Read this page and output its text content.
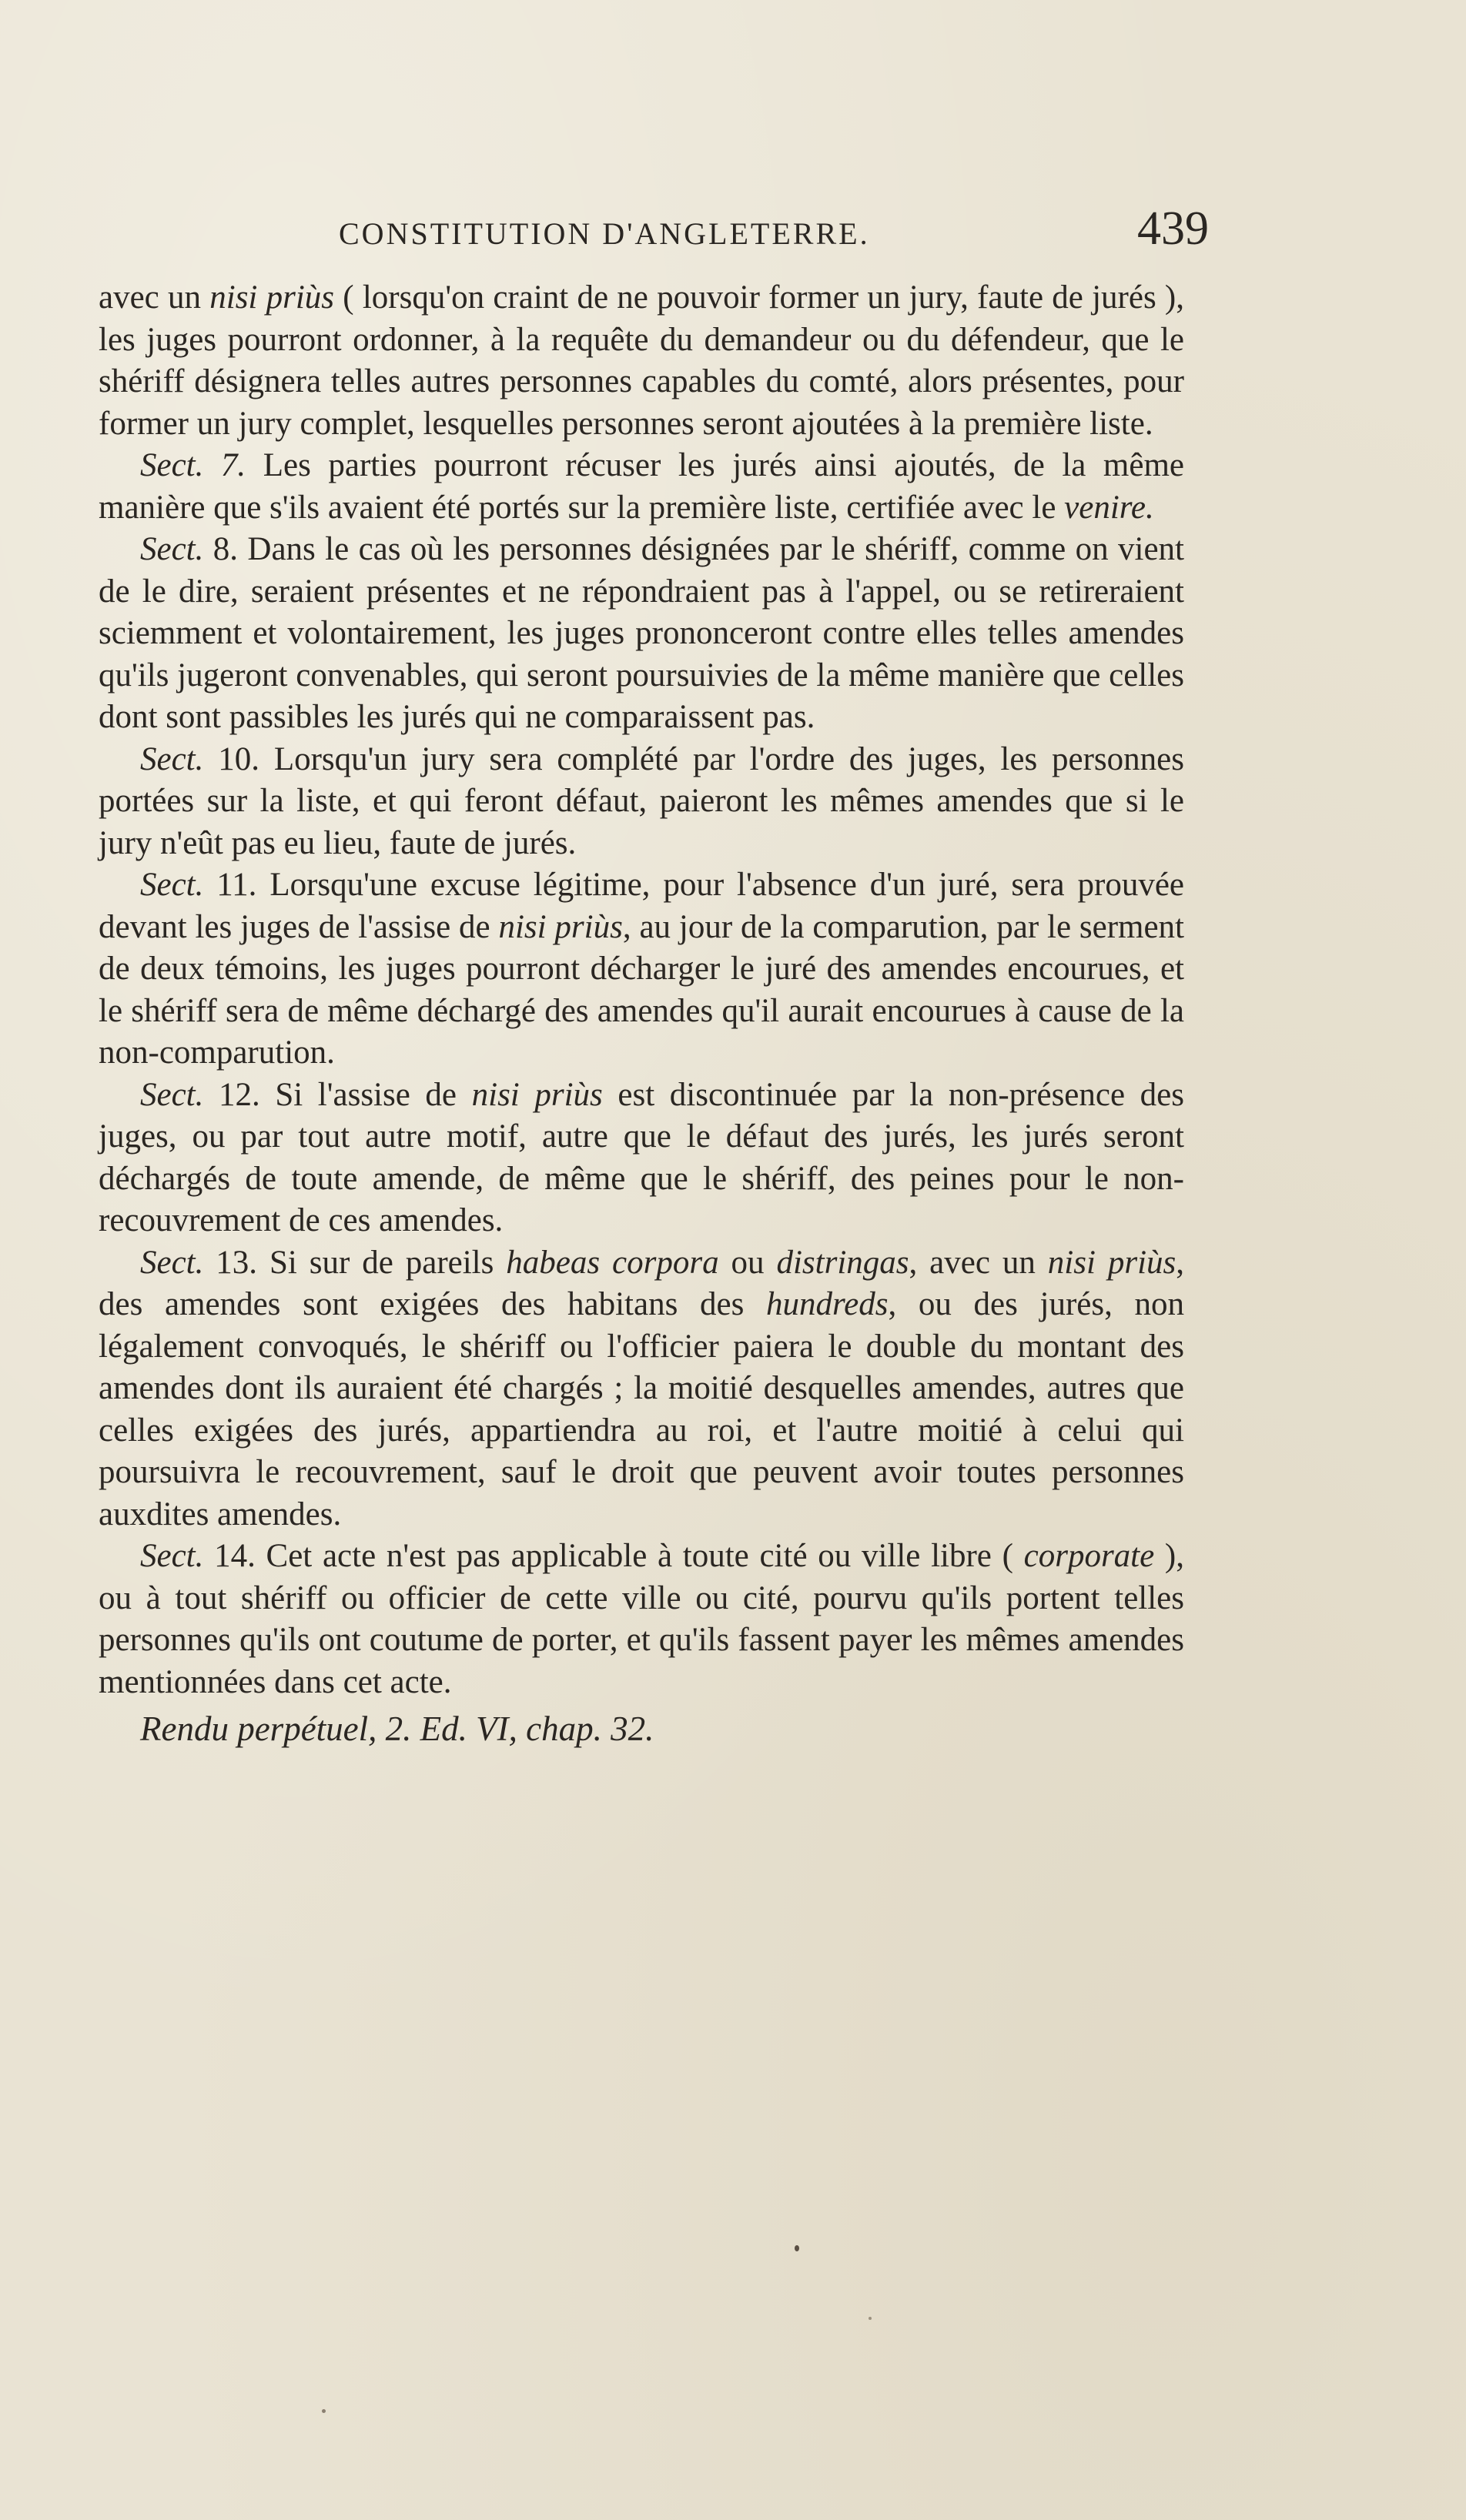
CONSTITUTION D'ANGLETERRE.	439

avec un nisi priùs ( lorsqu'on craint de ne pouvoir former un jury, faute de jurés ), les juges pourront ordonner, à la requête du demandeur ou du défendeur, que le shériff désignera telles autres personnes capables du comté, alors présentes, pour former un jury complet, lesquelles personnes seront ajoutées à la première liste.

Sect. 7. Les parties pourront récuser les jurés ainsi ajoutés, de la même manière que s'ils avaient été portés sur la première liste, certifiée avec le venire.

Sect. 8. Dans le cas où les personnes désignées par le shériff, comme on vient de le dire, seraient présentes et ne répondraient pas à l'appel, ou se retireraient sciemment et volontairement, les juges prononceront contre elles telles amendes qu'ils jugeront convenables, qui seront poursuivies de la même manière que celles dont sont passibles les jurés qui ne comparaissent pas.

Sect. 10. Lorsqu'un jury sera complété par l'ordre des juges, les personnes portées sur la liste, et qui feront défaut, paieront les mêmes amendes que si le jury n'eût pas eu lieu, faute de jurés.

Sect. 11. Lorsqu'une excuse légitime, pour l'absence d'un juré, sera prouvée devant les juges de l'assise de nisi priùs, au jour de la comparution, par le serment de deux témoins, les juges pourront décharger le juré des amendes encourues, et le shériff sera de même déchargé des amendes qu'il aurait encourues à cause de la non-comparution.

Sect. 12. Si l'assise de nisi priùs est discontinuée par la non-présence des juges, ou par tout autre motif, autre que le défaut des jurés, les jurés seront déchargés de toute amende, de même que le shériff, des peines pour le non-recouvrement de ces amendes.

Sect. 13. Si sur de pareils habeas corpora ou distringas, avec un nisi priùs, des amendes sont exigées des habitans des hundreds, ou des jurés, non légalement convoqués, le shériff ou l'officier paiera le double du montant des amendes dont ils auraient été chargés ; la moitié desquelles amendes, autres que celles exigées des jurés, appartiendra au roi, et l'autre moitié à celui qui poursuivra le recouvrement, sauf le droit que peuvent avoir toutes personnes auxdites amendes.

Sect. 14. Cet acte n'est pas applicable à toute cité ou ville libre ( corporate ), ou à tout shériff ou officier de cette ville ou cité, pourvu qu'ils portent telles personnes qu'ils ont coutume de porter, et qu'ils fassent payer les mêmes amendes mentionnées dans cet acte.

Rendu perpétuel, 2. Ed. VI, chap. 32.
